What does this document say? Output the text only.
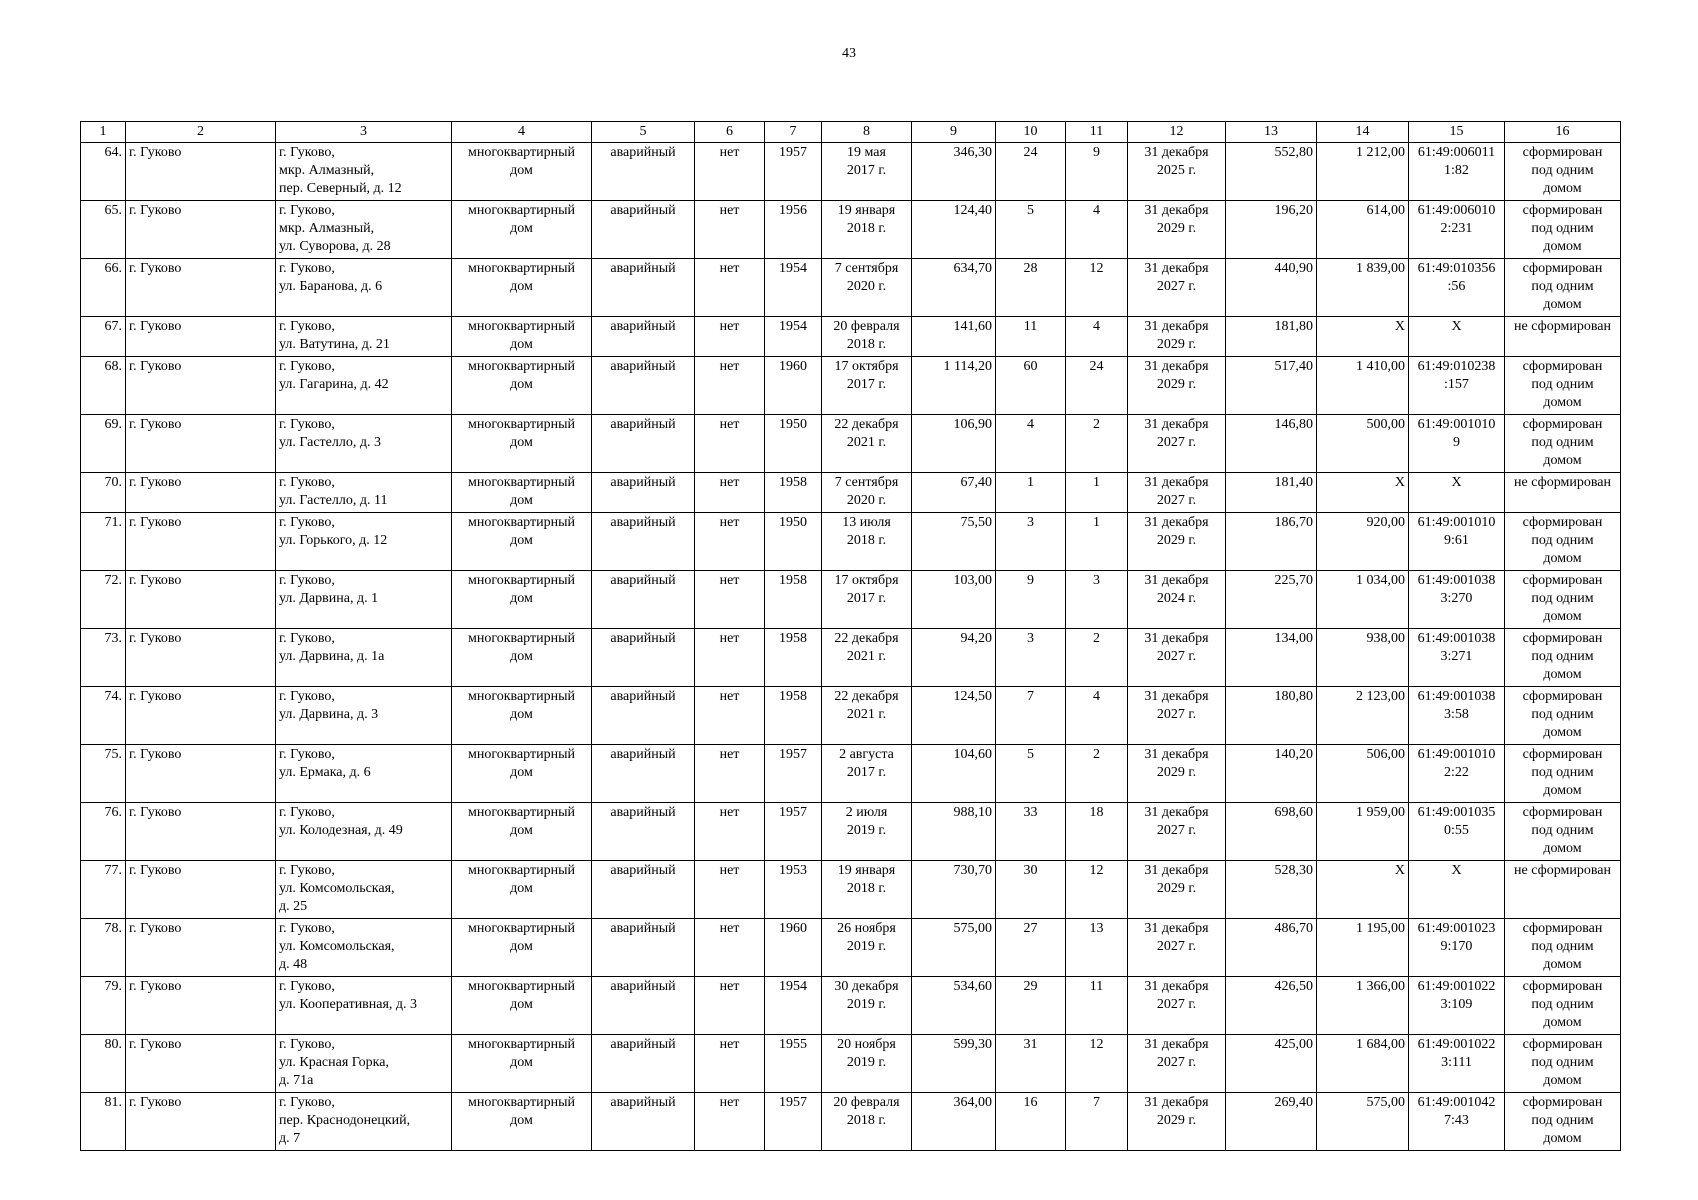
43
1	2	3	4	5	6	7	8	9	10	11	12	13	14	15	16
64.	г. Гуково	г. Гуково,
мкр. Алмазный,
пер. Северный, д. 12	многоквартирный
дом	аварийный	нет	1957	19 мая
2017 г.	346,30	24	9	31 декабря
2025 г.	552,80	1 212,00	61:49:006011
1:82	сформирован
под одним
домом
65.	г. Гуково	г. Гуково,
мкр. Алмазный,
ул. Суворова, д. 28	многоквартирный
дом	аварийный	нет	1956	19 января
2018 г.	124,40	5	4	31 декабря
2029 г.	196,20	614,00	61:49:006010
2:231	сформирован
под одним
домом
66.	г. Гуково	г. Гуково,
ул. Баранова, д. 6	многоквартирный
дом	аварийный	нет	1954	7 сентября
2020 г.	634,70	28	12	31 декабря
2027 г.	440,90	1 839,00	61:49:010356
:56	сформирован
под одним
домом
67.	г. Гуково	г. Гуково,
ул. Ватутина, д. 21	многоквартирный
дом	аварийный	нет	1954	20 февраля
2018 г.	141,60	11	4	31 декабря
2029 г.	181,80	Х	Х	не сформирован
68.	г. Гуково	г. Гуково,
ул. Гагарина, д. 42	многоквартирный
дом	аварийный	нет	1960	17 октября
2017 г.	1 114,20	60	24	31 декабря
2029 г.	517,40	1 410,00	61:49:010238
:157	сформирован
под одним
домом
69.	г. Гуково	г. Гуково,
ул. Гастелло, д. 3	многоквартирный
дом	аварийный	нет	1950	22 декабря
2021 г.	106,90	4	2	31 декабря
2027 г.	146,80	500,00	61:49:001010
9	сформирован
под одним
домом
70.	г. Гуково	г. Гуково,
ул. Гастелло, д. 11	многоквартирный
дом	аварийный	нет	1958	7 сентября
2020 г.	67,40	1	1	31 декабря
2027 г.	181,40	Х	Х	не сформирован
71.	г. Гуково	г. Гуково,
ул. Горького, д. 12	многоквартирный
дом	аварийный	нет	1950	13 июля
2018 г.	75,50	3	1	31 декабря
2029 г.	186,70	920,00	61:49:001010
9:61	сформирован
под одним
домом
72.	г. Гуково	г. Гуково,
ул. Дарвина, д. 1	многоквартирный
дом	аварийный	нет	1958	17 октября
2017 г.	103,00	9	3	31 декабря
2024 г.	225,70	1 034,00	61:49:001038
3:270	сформирован
под одним
домом
73.	г. Гуково	г. Гуково,
ул. Дарвина, д. 1а	многоквартирный
дом	аварийный	нет	1958	22 декабря
2021 г.	94,20	3	2	31 декабря
2027 г.	134,00	938,00	61:49:001038
3:271	сформирован
под одним
домом
74.	г. Гуково	г. Гуково,
ул. Дарвина, д. 3	многоквартирный
дом	аварийный	нет	1958	22 декабря
2021 г.	124,50	7	4	31 декабря
2027 г.	180,80	2 123,00	61:49:001038
3:58	сформирован
под одним
домом
75.	г. Гуково	г. Гуково,
ул. Ермака, д. 6	многоквартирный
дом	аварийный	нет	1957	2 августа
2017 г.	104,60	5	2	31 декабря
2029 г.	140,20	506,00	61:49:001010
2:22	сформирован
под одним
домом
76.	г. Гуково	г. Гуково,
ул. Колодезная, д. 49	многоквартирный
дом	аварийный	нет	1957	2 июля
2019 г.	988,10	33	18	31 декабря
2027 г.	698,60	1 959,00	61:49:001035
0:55	сформирован
под одним
домом
77.	г. Гуково	г. Гуково,
ул. Комсомольская,
д. 25	многоквартирный
дом	аварийный	нет	1953	19 января
2018 г.	730,70	30	12	31 декабря
2029 г.	528,30	Х	Х	не сформирован
78.	г. Гуково	г. Гуково,
ул. Комсомольская,
д. 48	многоквартирный
дом	аварийный	нет	1960	26 ноября
2019 г.	575,00	27	13	31 декабря
2027 г.	486,70	1 195,00	61:49:001023
9:170	сформирован
под одним
домом
79.	г. Гуково	г. Гуково,
ул. Кооперативная, д. 3	многоквартирный
дом	аварийный	нет	1954	30 декабря
2019 г.	534,60	29	11	31 декабря
2027 г.	426,50	1 366,00	61:49:001022
3:109	сформирован
под одним
домом
80.	г. Гуково	г. Гуково,
ул. Красная Горка,
д. 71а	многоквартирный
дом	аварийный	нет	1955	20 ноября
2019 г.	599,30	31	12	31 декабря
2027 г.	425,00	1 684,00	61:49:001022
3:111	сформирован
под одним
домом
81.	г. Гуково	г. Гуково,
пер. Краснодонецкий,
д. 7	многоквартирный
дом	аварийный	нет	1957	20 февраля
2018 г.	364,00	16	7	31 декабря
2029 г.	269,40	575,00	61:49:001042
7:43	сформирован
под одним
домом
